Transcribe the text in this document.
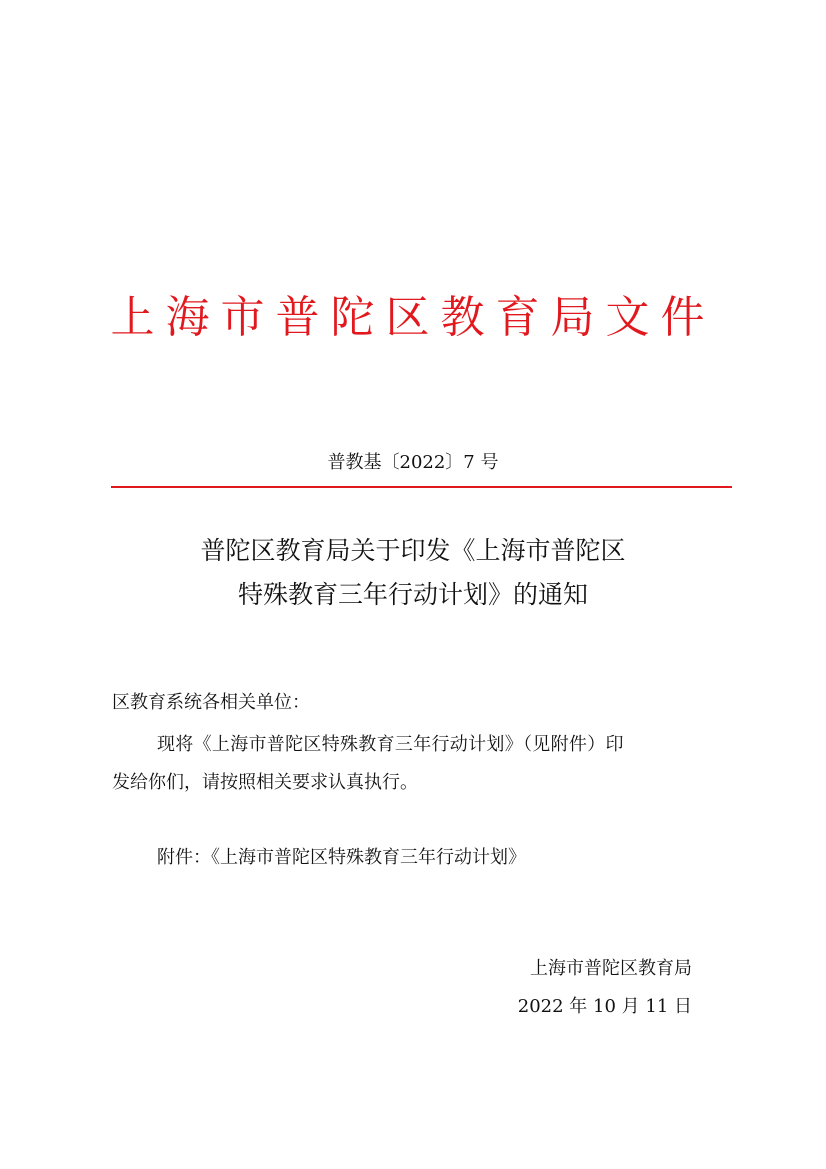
上海市普陀区教育局文件
普教基〔2022〕7 号
普陀区教育局关于印发《上海市普陀区
特殊教育三年行动计划》的通知
区教育系统各相关单位：
现将《上海市普陀区特殊教育三年行动计划》（见附件）印
发给你们，请按照相关要求认真执行。
附件：《上海市普陀区特殊教育三年行动计划》
上海市普陀区教育局
2022 年 10 月 11 日
